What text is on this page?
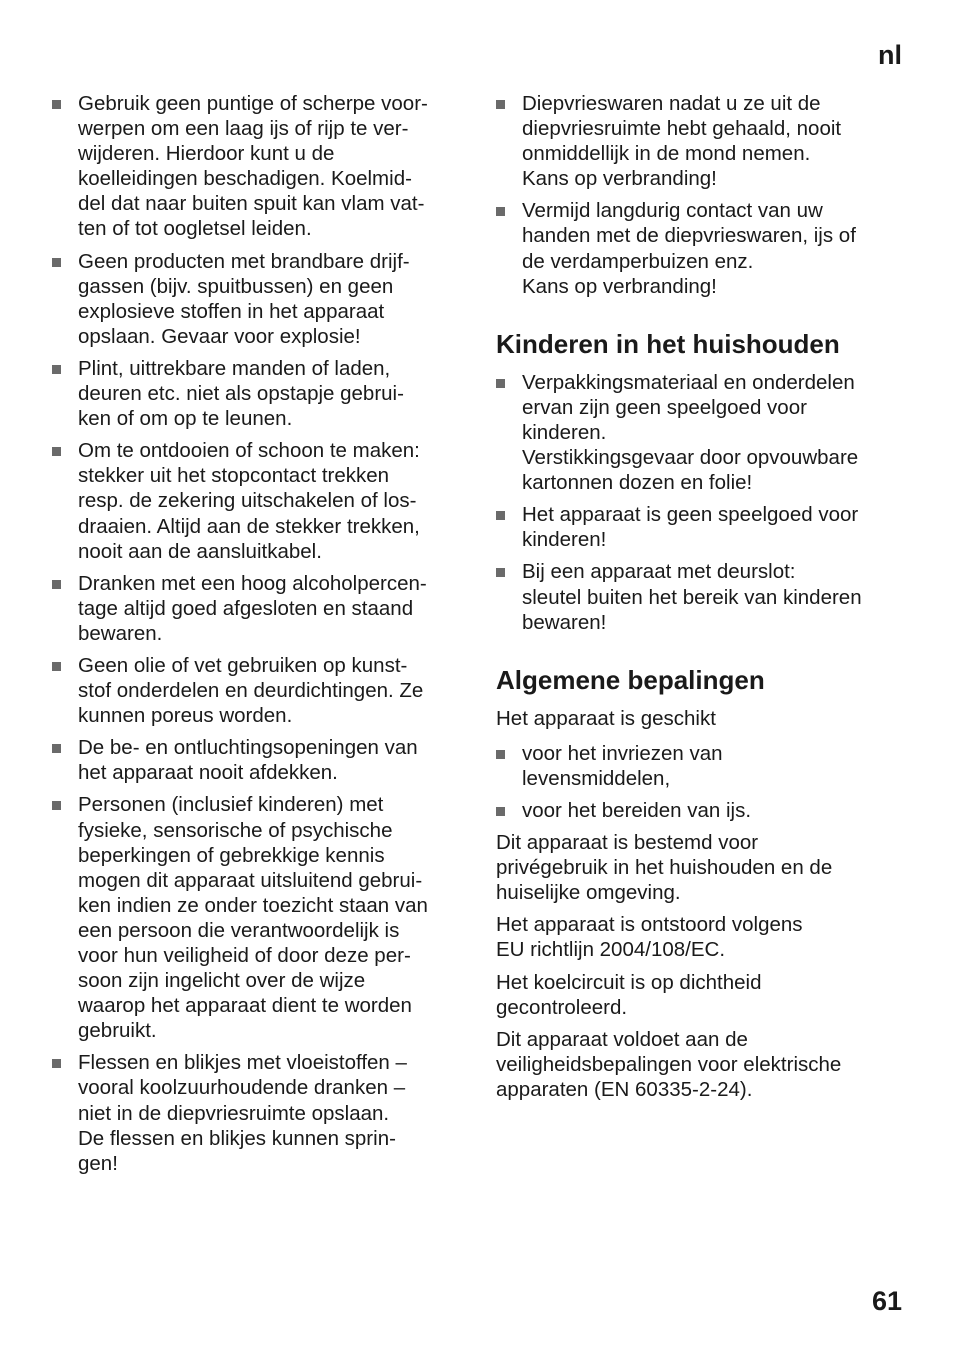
nl
Gebruik geen puntige of scherpe voor-
werpen om een laag ijs of rijp te ver-
wijderen. Hierdoor kunt u de
koelleidingen beschadigen. Koelmid-
del dat naar buiten spuit kan vlam vat-
ten of tot oogletsel leiden.
Geen producten met brandbare drijf-
gassen (bijv. spuitbussen) en geen
explosieve stoffen in het apparaat
opslaan. Gevaar voor explosie!
Plint, uittrekbare manden of laden,
deuren etc. niet als opstapje gebrui-
ken of om op te leunen.
Om te ontdooien of schoon te maken:
stekker uit het stopcontact trekken
resp. de zekering uitschakelen of los-
draaien. Altijd aan de stekker trekken,
nooit aan de aansluitkabel.
Dranken met een hoog alcoholpercen-
tage altijd goed afgesloten en staand
bewaren.
Geen olie of vet gebruiken op kunst-
stof onderdelen en deurdichtingen. Ze
kunnen poreus worden.
De be- en ontluchtingsopeningen van
het apparaat nooit afdekken.
Personen (inclusief kinderen) met
fysieke, sensorische of psychische
beperkingen of gebrekkige kennis
mogen dit apparaat uitsluitend gebrui-
ken indien ze onder toezicht staan van
een persoon die verantwoordelijk is
voor hun veiligheid of door deze per-
soon zijn ingelicht over de wijze
waarop het apparaat dient te worden
gebruikt.
Flessen en blikjes met vloeistoffen –
vooral koolzuurhoudende dranken –
niet in de diepvriesruimte opslaan.
De flessen en blikjes kunnen sprin-
gen!
Diepvrieswaren nadat u ze uit de
diepvriesruimte hebt gehaald, nooit
onmiddellijk in de mond nemen.
Kans op verbranding!
Vermijd langdurig contact van uw
handen met de diepvrieswaren, ijs of
de verdamperbuizen enz.
Kans op verbranding!
Kinderen in het huishouden
Verpakkingsmateriaal en onderdelen
ervan zijn geen speelgoed voor
kinderen.
Verstikkingsgevaar door opvouwbare
kartonnen dozen en folie!
Het apparaat is geen speelgoed voor
kinderen!
Bij een apparaat met deurslot:
sleutel buiten het bereik van kinderen
bewaren!
Algemene bepalingen

Het apparaat is geschikt

voor het invriezen van
levensmiddelen,
voor het bereiden van ijs.

Dit apparaat is bestemd voor
privégebruik in het huishouden en de
huiselijke omgeving.

Het apparaat is ontstoord volgens
EU richtlijn 2004/108/EC.

Het koelcircuit is op dichtheid
gecontroleerd.

Dit apparaat voldoet aan de
veiligheidsbepalingen voor elektrische
apparaten (EN 60335-2-24).

61
